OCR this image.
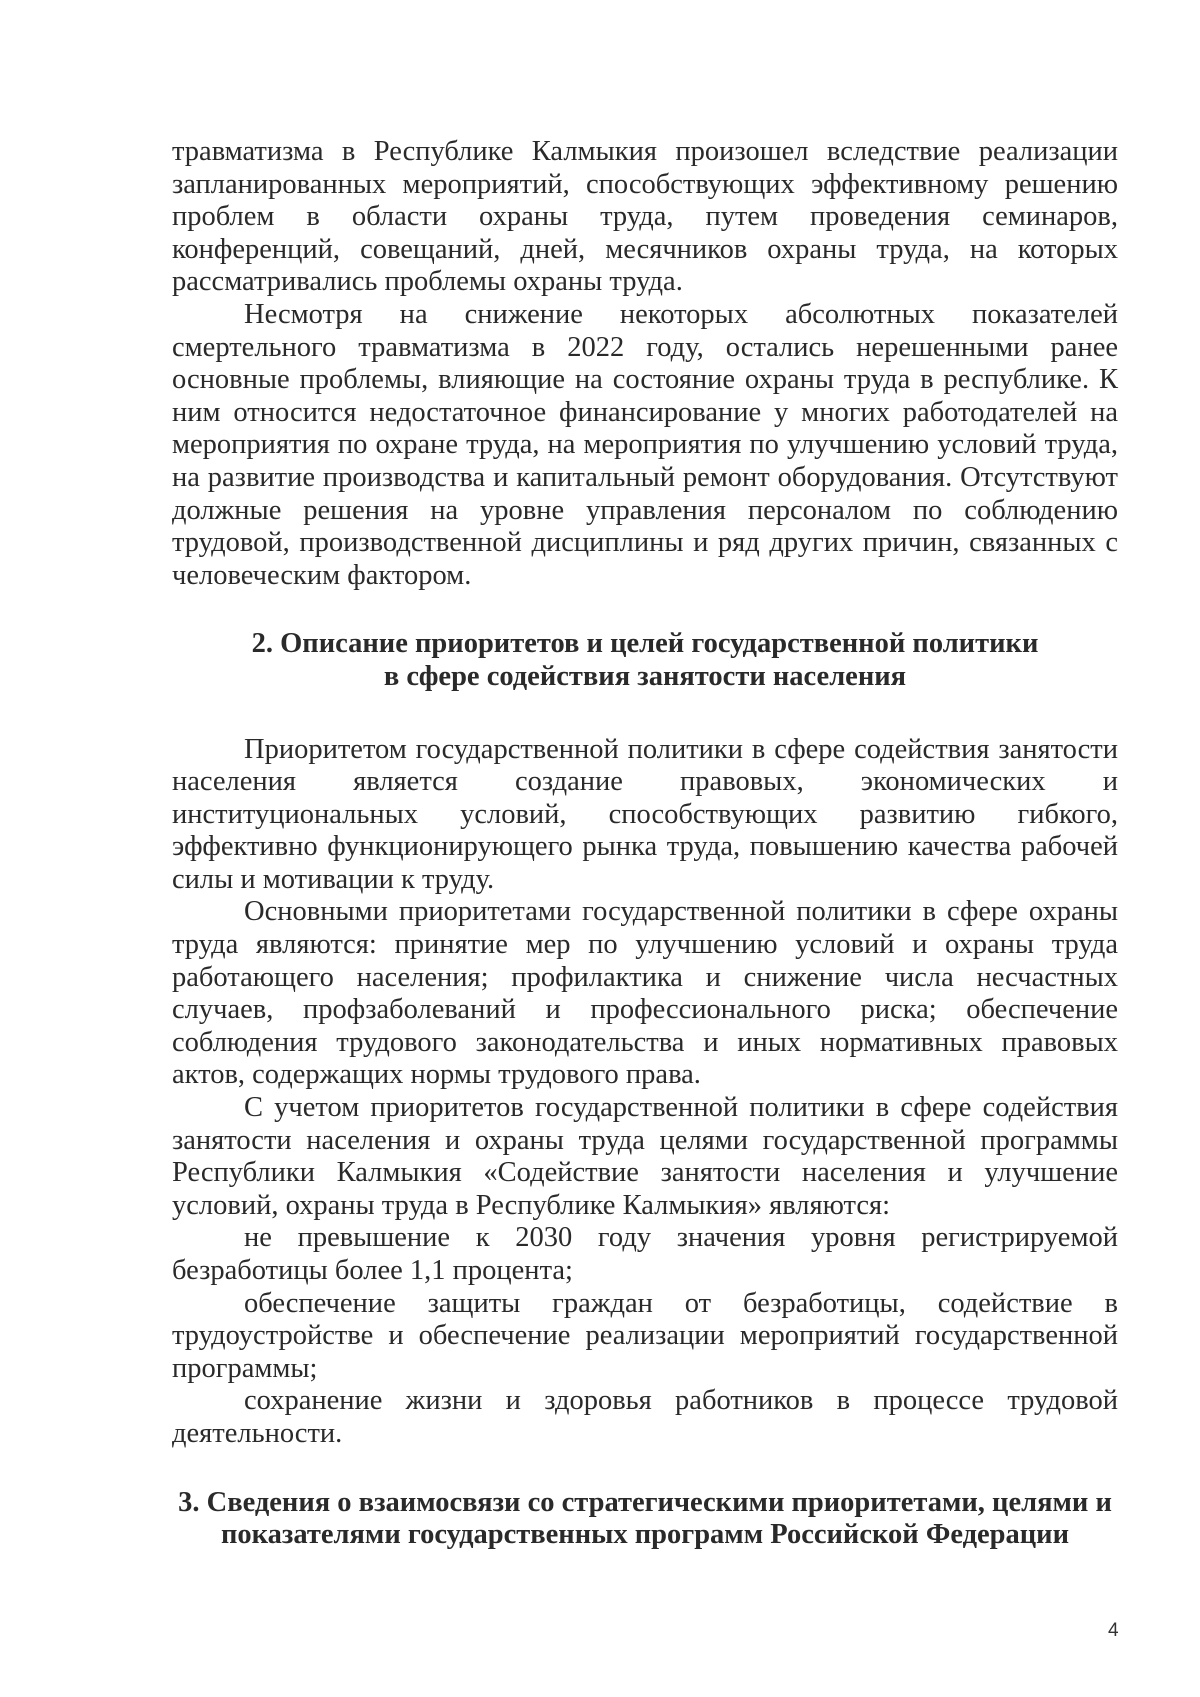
травматизма в Республике Калмыкия произошел вследствие реализации запланированных мероприятий, способствующих эффективному решению проблем в области охраны труда, путем проведения семинаров, конференций, совещаний, дней, месячников охраны труда, на которых рассматривались проблемы охраны труда.

Несмотря на снижение некоторых абсолютных показателей смертельного травматизма в 2022 году, остались нерешенными ранее основные проблемы, влияющие на состояние охраны труда в республике. К ним относится недостаточное финансирование у многих работодателей на мероприятия по охране труда, на мероприятия по улучшению условий труда, на развитие производства и капитальный ремонт оборудования. Отсутствуют должные решения на уровне управления персоналом по соблюдению трудовой, производственной дисциплины и ряд других причин, связанных с человеческим фактором.

2. Описание приоритетов и целей государственной политики
в сфере содействия занятости населения

Приоритетом государственной политики в сфере содействия занятости населения является создание правовых, экономических и институциональных условий, способствующих развитию гибкого, эффективно функционирующего рынка труда, повышению качества рабочей силы и мотивации к труду.

Основными приоритетами государственной политики в сфере охраны труда являются: принятие мер по улучшению условий и охраны труда работающего населения; профилактика и снижение числа несчастных случаев, профзаболеваний и профессионального риска; обеспечение соблюдения трудового законодательства и иных нормативных правовых актов, содержащих нормы трудового права.

С учетом приоритетов государственной политики в сфере содействия занятости населения и охраны труда целями государственной программы Республики Калмыкия «Содействие занятости населения и улучшение условий, охраны труда в Республике Калмыкия» являются:

не превышение к 2030 году значения уровня регистрируемой безработицы более 1,1 процента;

обеспечение защиты граждан от безработицы, содействие в трудоустройстве и обеспечение реализации мероприятий государственной программы;

сохранение жизни и здоровья работников в процессе трудовой деятельности.

3. Сведения о взаимосвязи со стратегическими приоритетами, целями и
показателями государственных программ Российской Федерации
4
